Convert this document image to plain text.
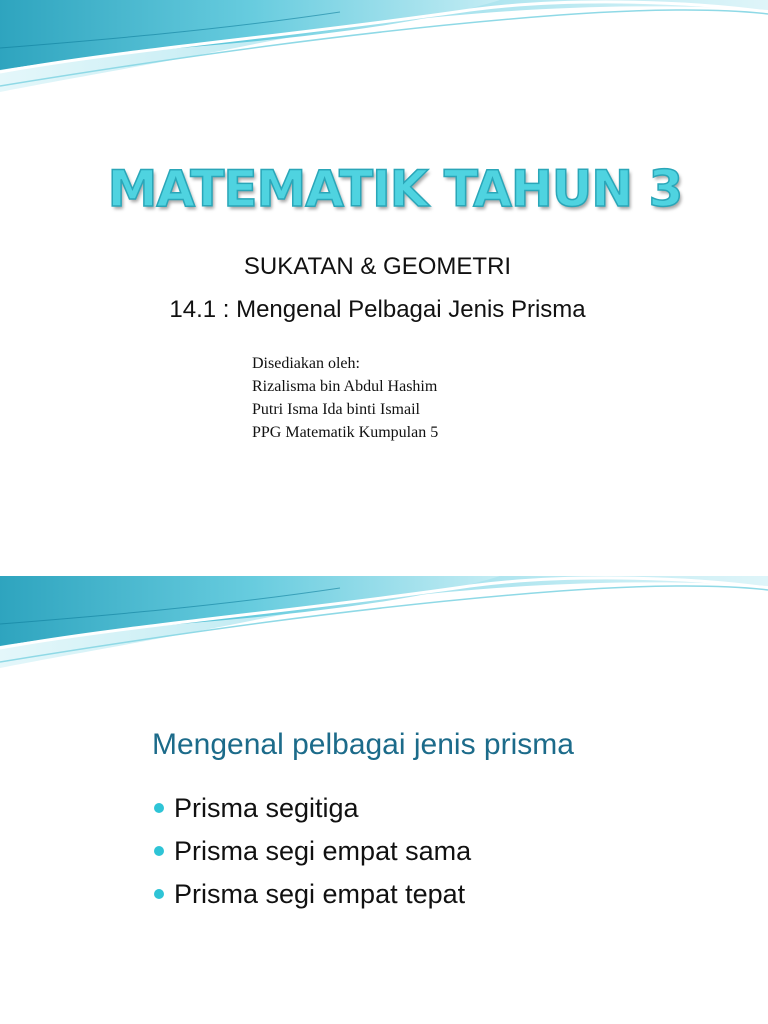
MATEMATIK TAHUN 3
SUKATAN & GEOMETRI
14.1 : Mengenal Pelbagai Jenis Prisma
Disediakan oleh:
Rizalisma bin Abdul Hashim
Putri Isma Ida binti Ismail
PPG Matematik Kumpulan 5
Mengenal pelbagai jenis prisma
Prisma segitiga
Prisma segi empat sama
Prisma segi empat tepat
